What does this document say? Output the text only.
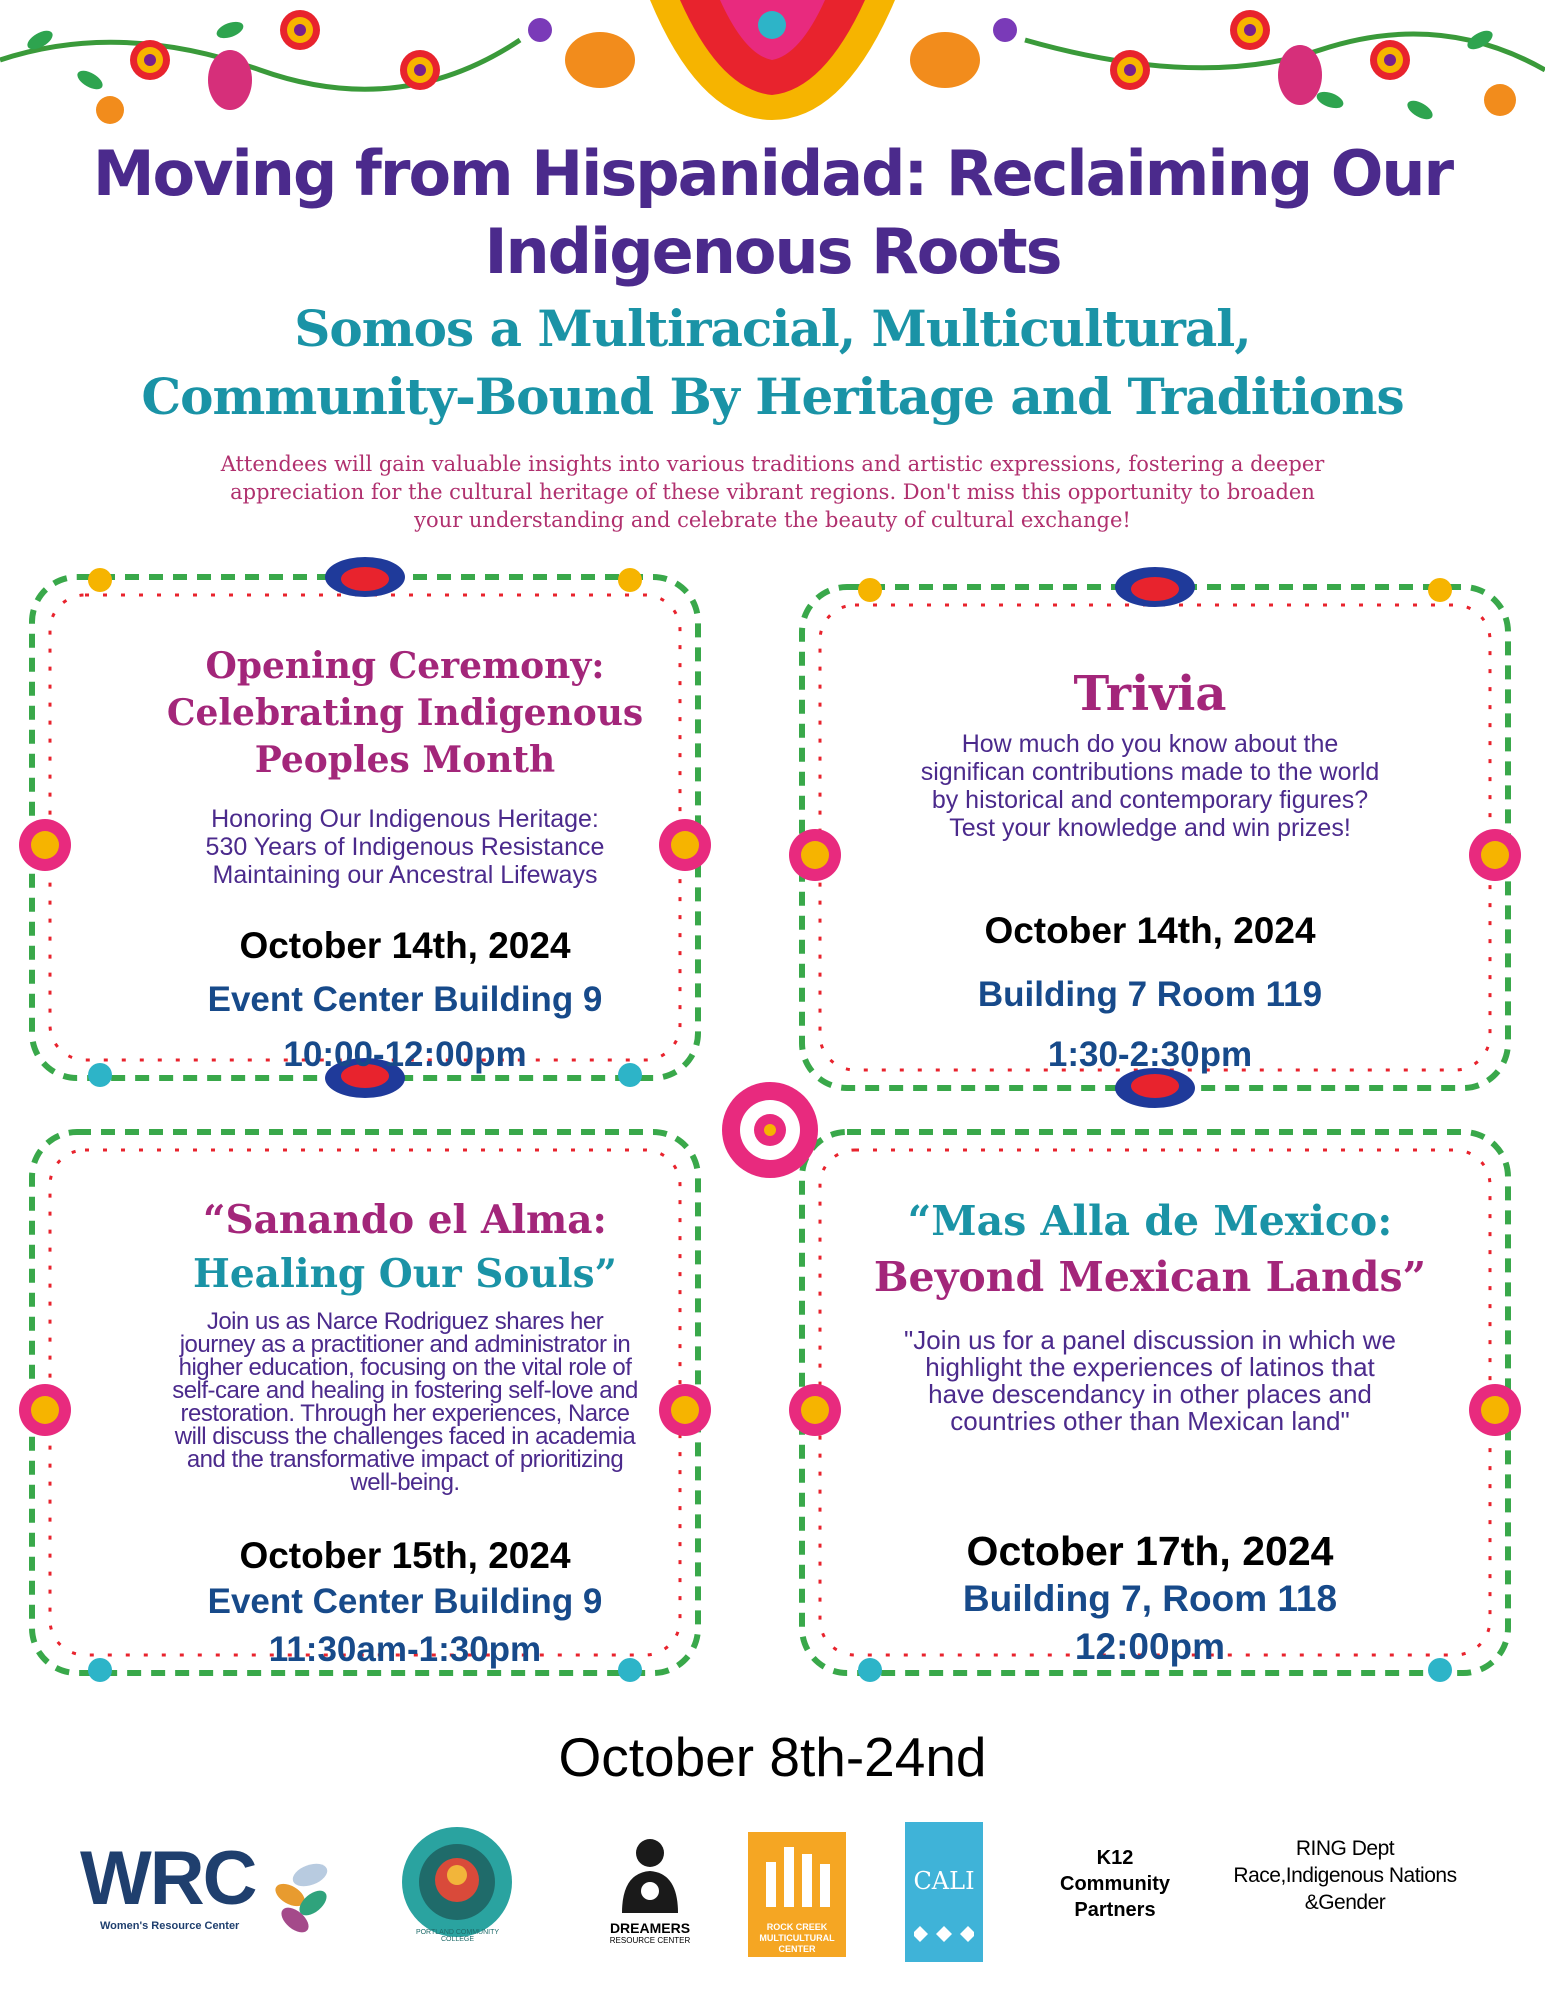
Moving from Hispanidad: Reclaiming Our
Indigenous Roots
Somos a Multiracial, Multicultural,
Community-Bound By Heritage and Traditions
Attendees will gain valuable insights into various traditions and artistic expressions, fostering a deeper
appreciation for the cultural heritage of these vibrant regions. Don't miss this opportunity to broaden
your understanding and celebrate the beauty of cultural exchange!
Opening Ceremony:
Celebrating Indigenous
Peoples Month
Honoring Our Indigenous Heritage:
530 Years of Indigenous Resistance
Maintaining our Ancestral Lifeways
October 14th, 2024
Event Center Building 9
10:00-12:00pm
Trivia
How much do you know about the
significan contributions made to the world
by historical and contemporary figures?
Test your knowledge and win prizes!
October 14th, 2024
Building 7 Room 119
1:30-2:30pm
“Sanando el Alma:
Healing Our Souls”
Join us as Narce Rodriguez shares her
journey as a practitioner and administrator in
higher education, focusing on the vital role of
self-care and healing in fostering self-love and
restoration. Through her experiences, Narce
will discuss the challenges faced in academia
and the transformative impact of prioritizing
well-being.
October 15th, 2024
Event Center Building 9
11:30am-1:30pm
“Mas Alla de Mexico:
Beyond Mexican Lands”
"Join us for a panel discussion in which we
highlight the experiences of latinos that
have descendancy in other places and
countries other than Mexican land"
October 17th, 2024
Building 7, Room 118
12:00pm
October 8th-24nd
WRC
Women's Resource Center
PORTLAND COMMUNITY COLLEGE
DREAMERS
RESOURCE CENTER
ROCK CREEK
MULTICULTURAL
CENTER
CALI
K12
Community
Partners
RING Dept
Race,Indigenous Nations
&Gender
